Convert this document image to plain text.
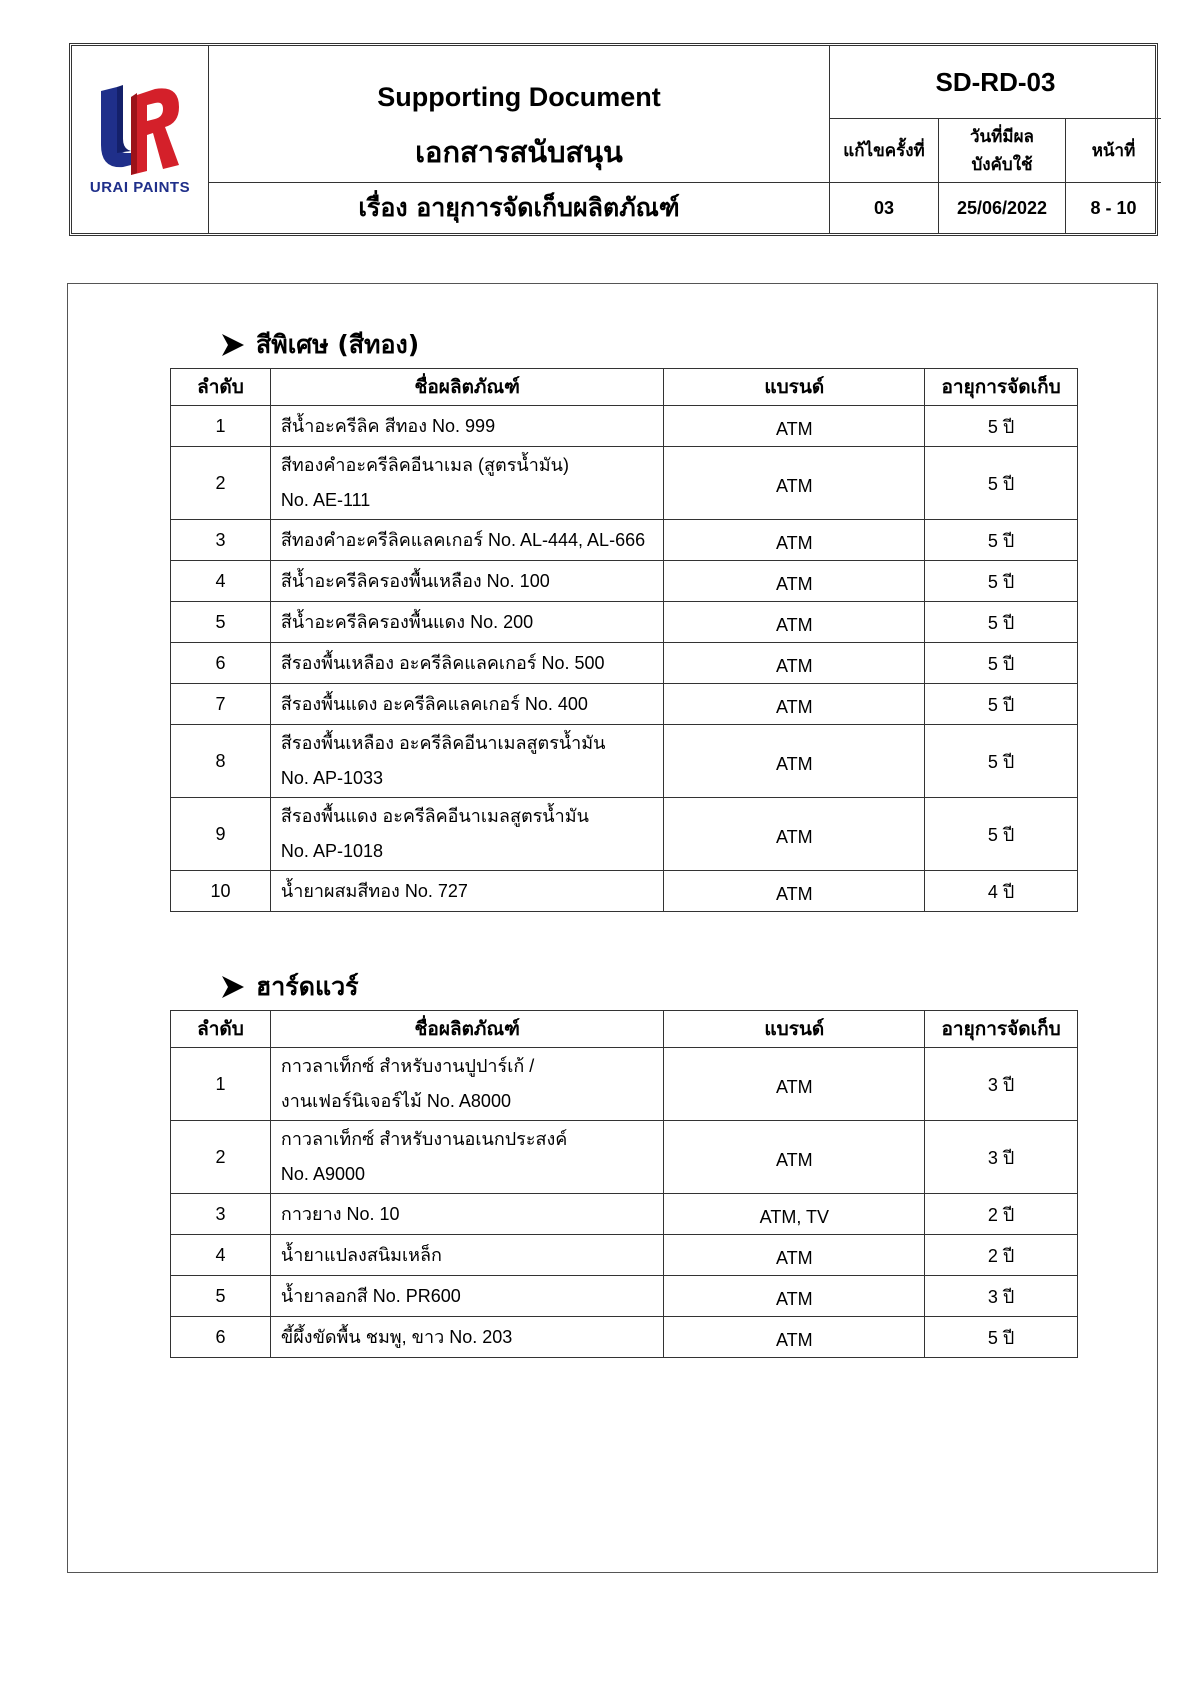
URAI PAINTS
Supporting Document
เอกสารสนับสนุน
เรื่อง อายุการจัดเก็บผลิตภัณฑ์
SD-RD-03
แก้ไขครั้งที่
วันที่มีผล
บังคับใช้
หน้าที่
03	25/06/2022 8 - 10
สีพิเศษ (สีทอง)
ลำดับ	ชื่อผลิตภัณฑ์	แบรนด์	อายุการจัดเก็บ
1	สีน้ำอะครีลิค สีทอง No. 999	ATM	5 ปี
2	สีทองคำอะครีลิคอีนาเมล (สูตรน้ำมัน)
No. AE-111	ATM	5 ปี
3	สีทองคำอะครีลิคแลคเกอร์ No. AL-444, AL-666	ATM	5 ปี
4	สีน้ำอะครีลิครองพื้นเหลือง No. 100	ATM	5 ปี
5	สีน้ำอะครีลิครองพื้นแดง No. 200	ATM	5 ปี
6	สีรองพื้นเหลือง อะครีลิคแลคเกอร์ No. 500	ATM	5 ปี
7	สีรองพื้นแดง อะครีลิคแลคเกอร์ No. 400	ATM	5 ปี
8	สีรองพื้นเหลือง อะครีลิคอีนาเมลสูตรน้ำมัน
No. AP-1033	ATM	5 ปี
9	สีรองพื้นแดง อะครีลิคอีนาเมลสูตรน้ำมัน
No. AP-1018	ATM	5 ปี
10	น้ำยาผสมสีทอง No. 727	ATM	4 ปี
ฮาร์ดแวร์
ลำดับ	ชื่อผลิตภัณฑ์	แบรนด์	อายุการจัดเก็บ
1	กาวลาเท็กซ์ สำหรับงานปูปาร์เก้ /
งานเฟอร์นิเจอร์ไม้ No. A8000	ATM	3 ปี
2	กาวลาเท็กซ์ สำหรับงานอเนกประสงค์
No. A9000	ATM	3 ปี
3	กาวยาง No. 10	ATM, TV	2 ปี
4	น้ำยาแปลงสนิมเหล็ก	ATM	2 ปี
5	น้ำยาลอกสี No. PR600	ATM	3 ปี
6	ขี้ผึ้งขัดพื้น ชมพู, ขาว No. 203	ATM	5 ปี
